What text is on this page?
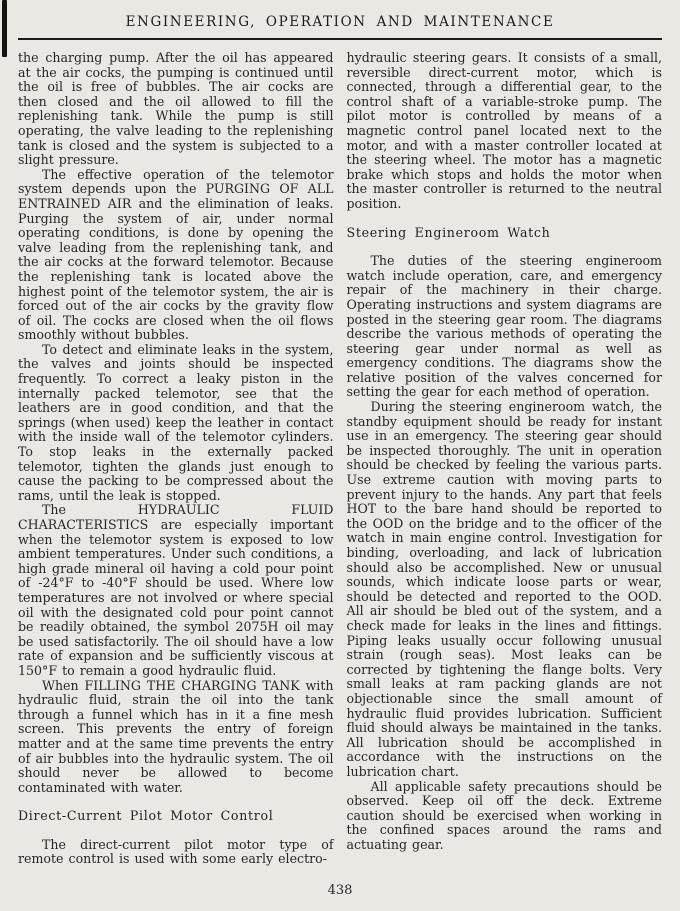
ENGINEERING, OPERATION AND MAINTENANCE

the charging pump. After the oil has appeared at the air cocks, the pumping is continued until the oil is free of bubbles. The air cocks are then closed and the oil allowed to fill the replenishing tank. While the pump is still operating, the valve leading to the replenishing tank is closed and the system is subjected to a slight pressure.

The effective operation of the telemotor system depends upon the PURGING OF ALL ENTRAINED AIR and the elimination of leaks. Purging the system of air, under normal operating conditions, is done by opening the valve leading from the replenishing tank, and the air cocks at the forward telemotor. Because the replenishing tank is located above the highest point of the telemotor system, the air is forced out of the air cocks by the gravity flow of oil. The cocks are closed when the oil flows smoothly without bubbles.

To detect and eliminate leaks in the system, the valves and joints should be inspected frequently. To correct a leaky piston in the internally packed telemotor, see that the leathers are in good condition, and that the springs (when used) keep the leather in contact with the inside wall of the telemotor cylinders. To stop leaks in the externally packed telemotor, tighten the glands just enough to cause the packing to be compressed about the rams, until the leak is stopped.

The HYDRAULIC FLUID CHARACTERISTICS are especially important when the telemotor system is exposed to low ambient temperatures. Under such conditions, a high grade mineral oil having a cold pour point of -24°F to -40°F should be used. Where low temperatures are not involved or where special oil with the designated cold pour point cannot be readily obtained, the symbol 2075H oil may be used satisfactorily. The oil should have a low rate of expansion and be sufficiently viscous at 150°F to remain a good hydraulic fluid.

When FILLING THE CHARGING TANK with hydraulic fluid, strain the oil into the tank through a funnel which has in it a fine mesh screen. This prevents the entry of foreign matter and at the same time prevents the entry of air bubbles into the hydraulic system. The oil should never be allowed to become contaminated with water.

Direct-Current Pilot Motor Control

The direct-current pilot motor type of remote control is used with some early electro-

hydraulic steering gears. It consists of a small, reversible direct-current motor, which is connected, through a differential gear, to the control shaft of a variable-stroke pump. The pilot motor is controlled by means of a magnetic control panel located next to the motor, and with a master controller located at the steering wheel. The motor has a magnetic brake which stops and holds the motor when the master controller is returned to the neutral position.

Steering Engineroom Watch

The duties of the steering engineroom watch include operation, care, and emergency repair of the machinery in their charge. Operating instructions and system diagrams are posted in the steering gear room. The diagrams describe the various methods of operating the steering gear under normal as well as emergency conditions. The diagrams show the relative position of the valves concerned for setting the gear for each method of operation.

During the steering engineroom watch, the standby equipment should be ready for instant use in an emergency. The steering gear should be inspected thoroughly. The unit in operation should be checked by feeling the various parts. Use extreme caution with moving parts to prevent injury to the hands. Any part that feels HOT to the bare hand should be reported to the OOD on the bridge and to the officer of the watch in main engine control. Investigation for binding, overloading, and lack of lubrication should also be accomplished. New or unusual sounds, which indicate loose parts or wear, should be detected and reported to the OOD. All air should be bled out of the system, and a check made for leaks in the lines and fittings. Piping leaks usually occur following unusual strain (rough seas). Most leaks can be corrected by tightening the flange bolts. Very small leaks at ram packing glands are not objectionable since the small amount of hydraulic fluid provides lubrication. Sufficient fluid should always be maintained in the tanks. All lubrication should be accomplished in accordance with the instructions on the lubrication chart.

All applicable safety precautions should be observed. Keep oil off the deck. Extreme caution should be exercised when working in the confined spaces around the rams and actuating gear.

438
